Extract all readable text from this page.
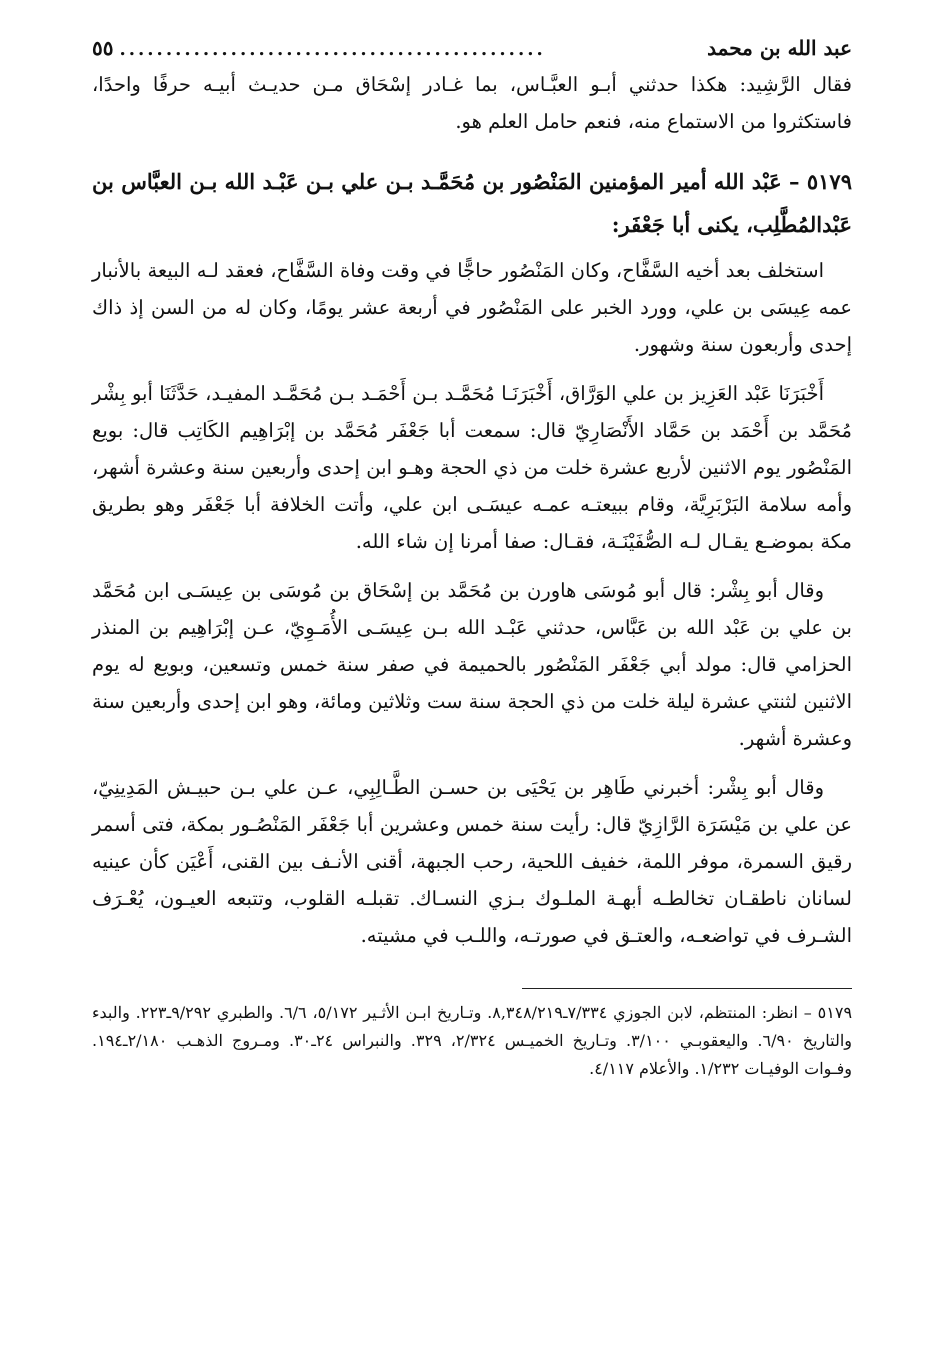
عبد الله بن محمد
..............................................
٥٥

فقال الرَّشِيد: هكذا حدثني أبـو العبَّـاس، بما غـادر إسْحَاق مـن حديـث أبيـه حرفًا واحدًا، فاستكثروا من الاستماع منه، فنعم حامل العلم هو.

٥١٧٩ – عَبْد الله أمير المؤمنين المَنْصُور بن مُحَمَّـد بـن علي بـن عَبْـد الله بـن العبَّاس بن عَبْدالمُطَّلِب، يكنى أبا جَعْفَر:

استخلف بعد أخيه السَّفَّاح، وكان المَنْصُور حاجًّا في وقت وفاة السَّفَّاح، فعقد لـه البيعة بالأنبار عمه عِيسَى بن علي، وورد الخبر على المَنْصُور في أربعة عشر يومًا، وكان له من السن إذ ذاك إحدى وأربعون سنة وشهور.

أَخْبَرَنَا عَبْد العَزِيز بن علي الوَرَّاق، أَخْبَرَنَـا مُحَمَّـد بـن أَحْمَـد بـن مُحَمَّـد المفيـد، حَدَّثَنَا أبو بِشْر مُحَمَّد بن أَحْمَد بن حَمَّاد الأَنْصَارِيّ قال: سمعت أبا جَعْفَر مُحَمَّد بن إبْرَاهِيم الكَاتِب قال: بويع المَنْصُور يوم الاثنين لأربع عشرة خلت من ذي الحجة وهـو ابن إحدى وأربعين سنة وعشرة أشهر، وأمه سلامة البَرْبَرِيَّة، وقام ببيعتـه عمـه عيسَـى ابن علي، وأتت الخلافة أبا جَعْفَر وهو بطريق مكة بموضـع يقـال لـه الصُّفَيْنَـة، فقـال: صفا أمرنا إن شاء الله.

وقال أبو بِشْر: قال أبو مُوسَى هاورن بن مُحَمَّد بن إسْحَاق بن مُوسَى بن عِيسَـى ابن مُحَمَّد بن علي بن عَبْد الله بن عَبَّاس، حدثني عَبْـد الله بـن عِيسَـى الأُمَـوِيّ، عـن إبْرَاهِيم بن المنذر الحزامي قال: مولد أبي جَعْفَر المَنْصُور بالحميمة في صفر سنة خمس وتسعين، وبويع له يوم الاثنين لثنتي عشرة ليلة خلت من ذي الحجة سنة ست وثلاثين ومائة، وهو ابن إحدى وأربعين سنة وعشرة أشهر.

وقال أبو بِشْر: أخبرني طَاهِر بن يَحْيَى بن حسـن الطَّـالِبِي، عـن علي بـن حبيـش المَدِينِيّ، عن علي بن مَيْسَرَة الرَّازِيّ قال: رأيت سنة خمس وعشرين أبا جَعْفَر المَنْصُـور بمكة، فتى أسمر رقيق السمرة، موفر اللمة، خفيف اللحية، رحب الجبهة، أقنى الأنـف بين القنى، أَعْيَن كأن عينيه لسانان ناطقـان تخالطـه أبهـة الملـوك بـزي النسـاك. تقبلـه القلوب، وتتبعه العيـون، يُعْـرَف الشـرف في تواضعـه، والعتـق في صورتـه، واللـب في مشيته.

٥١٧٩ – انظر: المنتظم، لابن الجوزي ٧/٣٣٤ـ٨,٣٤٨/٢١٩. وتـاريخ ابـن الأثـير ٥/١٧٢، ٦/٦. والطبري ٩/٢٩٢ـ٢٢٣. والبدء والتاريخ ٦/٩٠. واليعقوبـي ٣/١٠٠. وتـاريخ الخميـس ٢/٣٢٤، ٣٢٩. والنبراس ٢٤ـ٣٠. ومـروج الذهـب ٢/١٨٠ـ١٩٤. وفـوات الوفيـات ١/٢٣٢. والأعلام ٤/١١٧.
